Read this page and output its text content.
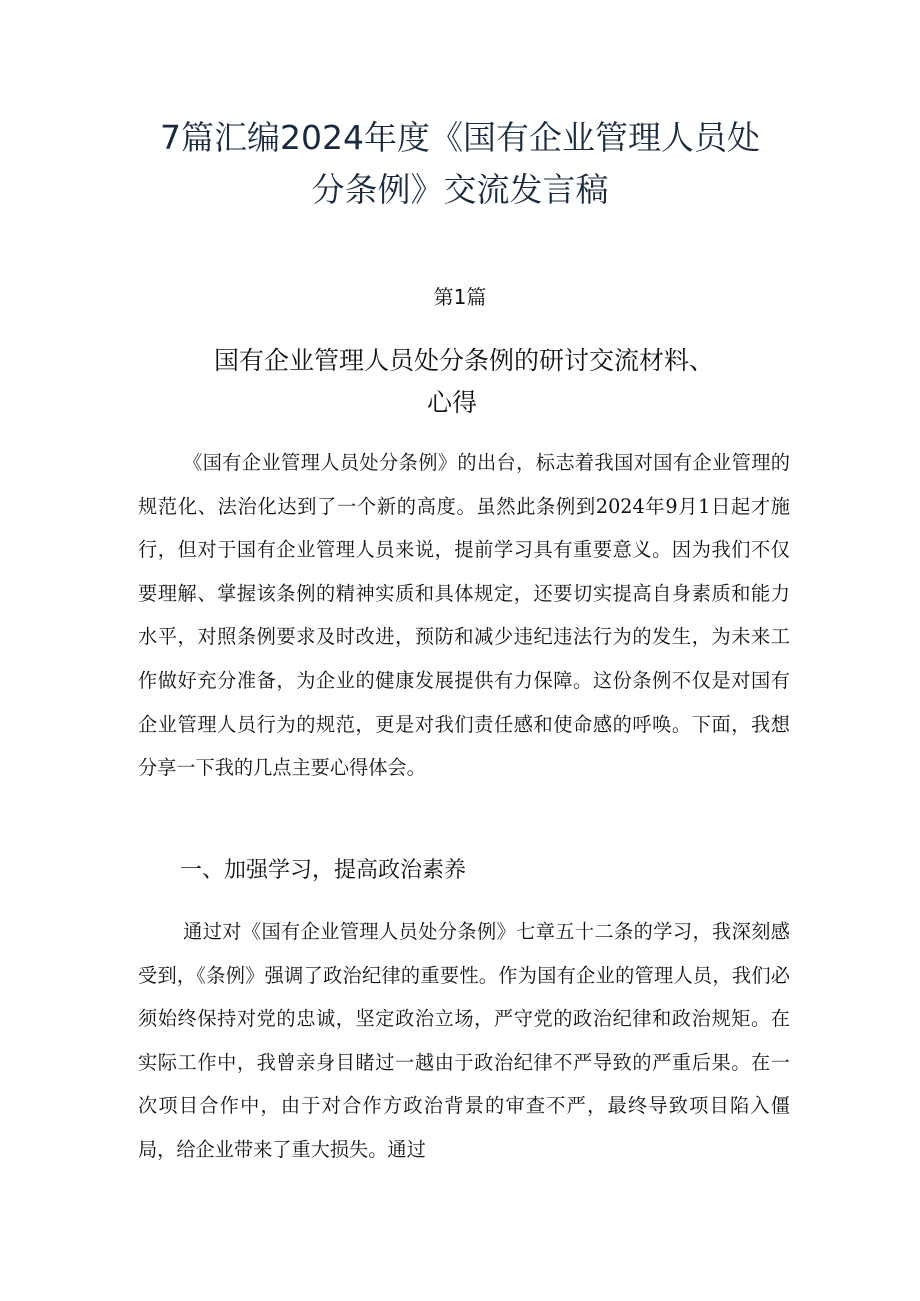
7篇汇编2024年度《国有企业管理人员处
分条例》交流发言稿
第1篇
国有企业管理人员处分条例的研讨交流材料、
心得

《国有企业管理人员处分条例》的出台，标志着我国对国有企业管理的规范化、法治化达到了一个新的高度。虽然此条例到2024年9月1日起才施行，但对于国有企业管理人员来说，提前学习具有重要意义。因为我们不仅要理解、掌握该条例的精神实质和具体规定，还要切实提高自身素质和能力水平，对照条例要求及时改进，预防和减少违纪违法行为的发生，为未来工作做好充分准备，为企业的健康发展提供有力保障。这份条例不仅是对国有企业管理人员行为的规范，更是对我们责任感和使命感的呼唤。下面，我想分享一下我的几点主要心得体会。

一、加强学习，提高政治素养

通过对《国有企业管理人员处分条例》七章五十二条的学习，我深刻感受到，《条例》强调了政治纪律的重要性。作为国有企业的管理人员，我们必须始终保持对党的忠诚，坚定政治立场，严守党的政治纪律和政治规矩。在实际工作中，我曾亲身目睹过一越由于政治纪律不严导致的严重后果。在一次项目合作中，由于对合作方政治背景的审查不严，最终导致项目陷入僵局，给企业带来了重大损失。通过
